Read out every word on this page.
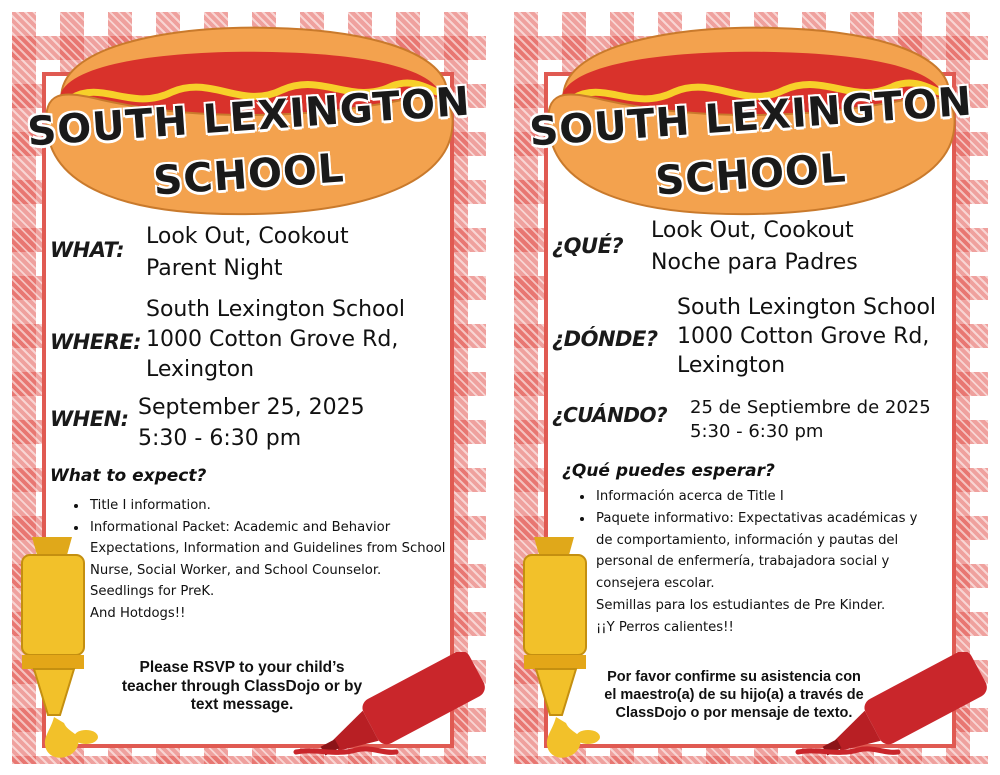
SOUTH LEXINGTON
SCHOOL
WHAT:
Look Out, Cookout
Parent Night
WHERE:
South Lexington School
1000 Cotton Grove Rd,
Lexington
WHEN: September 25, 2025
5:30 - 6:30 pm
What to expect?
• Title I information.
• Informational Packet: Academic and Behavior Expectations, Information and Guidelines from School Nurse, Social Worker, and School Counselor.
• Seedlings for PreK.
• And Hotdogs!!
Please RSVP to your child’s
teacher through ClassDojo or by
text message.
SOUTH LEXINGTON
SCHOOL
¿QUÉ?
Look Out, Cookout
Noche para Padres
¿DÓNDE?
South Lexington School
1000 Cotton Grove Rd,
Lexington
¿CUÁNDO? 25 de Septiembre de 2025
5:30 - 6:30 pm
¿Qué puedes esperar?
• Información acerca de Title I
• Paquete informativo: Expectativas académicas y de comportamiento, información y pautas del personal de enfermería, trabajadora social y consejera escolar.
• Semillas para los estudiantes de Pre Kinder.
• ¡¡Y Perros calientes!!
Por favor confirme su asistencia con
el maestro(a) de su hijo(a) a través de
ClassDojo o por mensaje de texto.
